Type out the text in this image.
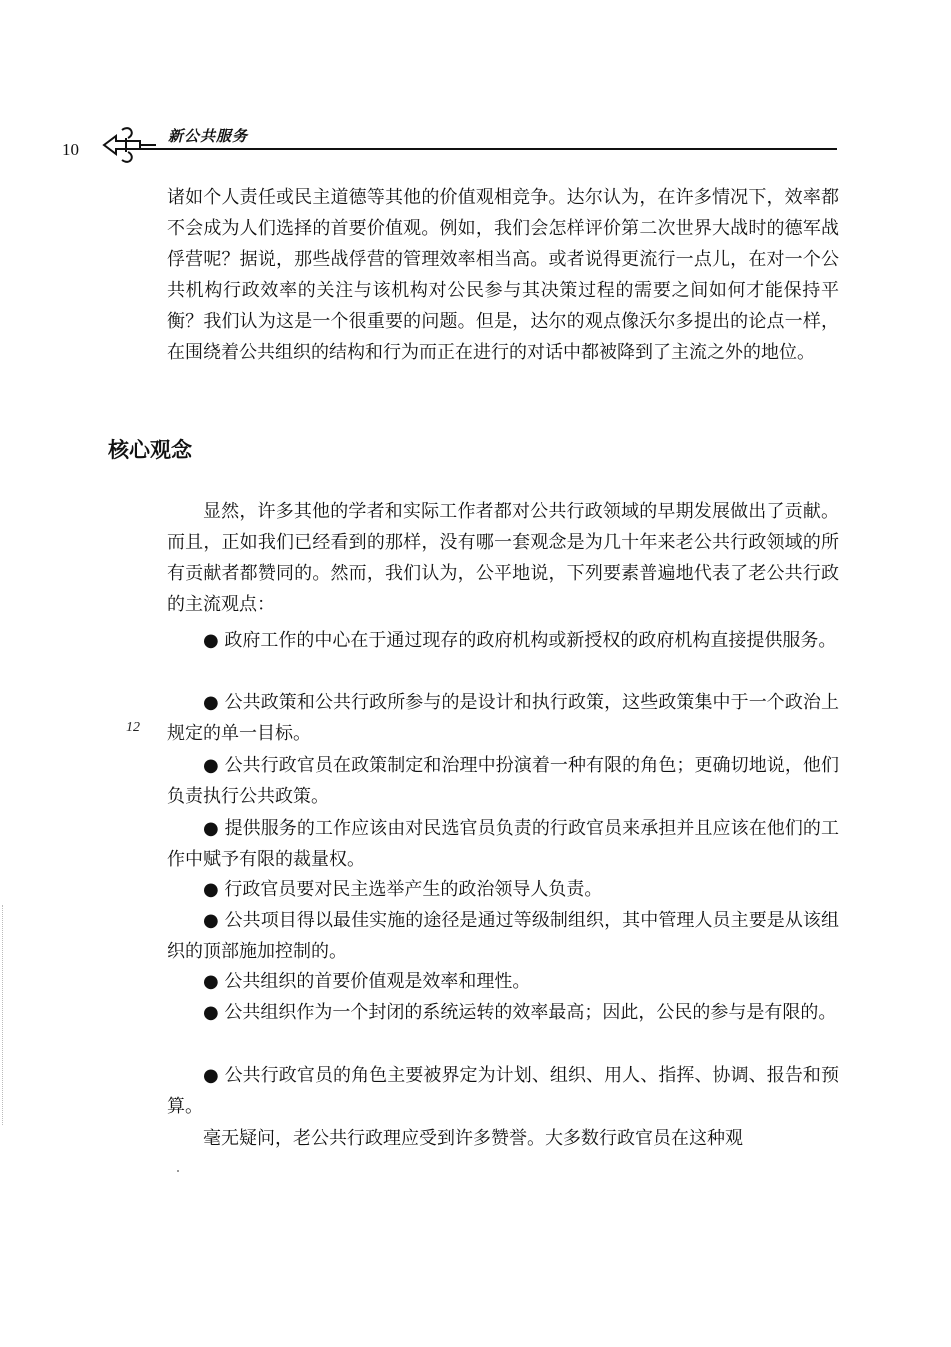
10
新公共服务

诸如个人责任或民主道德等其他的价值观相竞争。达尔认为，在许多情况下，效率都不会成为人们选择的首要价值观。例如，我们会怎样评价第二次世界大战时的德军战俘营呢？据说，那些战俘营的管理效率相当高。或者说得更流行一点儿，在对一个公共机构行政效率的关注与该机构对公民参与其决策过程的需要之间如何才能保持平衡？我们认为这是一个很重要的问题。但是，达尔的观点像沃尔多提出的论点一样，在围绕着公共组织的结构和行为而正在进行的对话中都被降到了主流之外的地位。

核心观念

显然，许多其他的学者和实际工作者都对公共行政领域的早期发展做出了贡献。而且，正如我们已经看到的那样，没有哪一套观念是为几十年来老公共行政领域的所有贡献者都赞同的。然而，我们认为，公平地说，下列要素普遍地代表了老公共行政的主流观点：

● 政府工作的中心在于通过现存的政府机构或新授权的政府机构直接提供服务。

● 公共政策和公共行政所参与的是设计和执行政策，这些政策集中于一个政治上规定的单一目标。

12

● 公共行政官员在政策制定和治理中扮演着一种有限的角色；更确切地说，他们负责执行公共政策。

● 提供服务的工作应该由对民选官员负责的行政官员来承担并且应该在他们的工作中赋予有限的裁量权。

● 行政官员要对民主选举产生的政治领导人负责。

● 公共项目得以最佳实施的途径是通过等级制组织，其中管理人员主要是从该组织的顶部施加控制的。

● 公共组织的首要价值观是效率和理性。

● 公共组织作为一个封闭的系统运转的效率最高；因此，公民的参与是有限的。

● 公共行政官员的角色主要被界定为计划、组织、用人、指挥、协调、报告和预算。

毫无疑问，老公共行政理应受到许多赞誉。大多数行政官员在这种观
